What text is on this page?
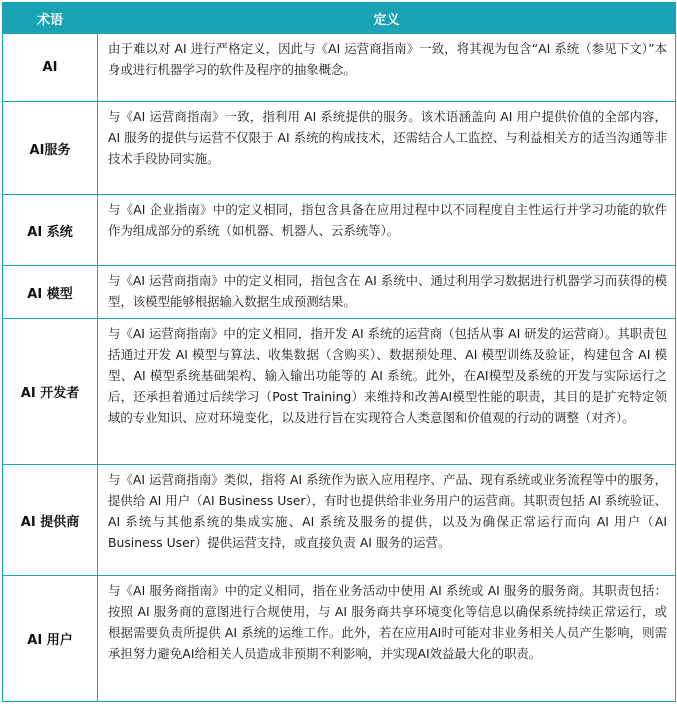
术语	定义
AI	由于难以对 AI 进行严格定义，因此与《AI 运营商指南》一致，将其视为包含“AI 系统（参见下文）”本身或进行机器学习的软件及程序的抽象概念。
AI服务	与《AI 运营商指南》一致，指利用 AI 系统提供的服务。该术语涵盖向 AI 用户提供价值的全部内容，AI 服务的提供与运营不仅限于 AI 系统的构成技术，还需结合人工监控、与利益相关方的适当沟通等非技术手段协同实施。
AI 系统	与《AI 企业指南》中的定义相同，指包含具备在应用过程中以不同程度自主性运行并学习功能的软件作为组成部分的系统（如机器、机器人、云系统等）。
AI 模型	与《AI 运营商指南》中的定义相同，指包含在 AI 系统中、通过利用学习数据进行机器学习而获得的模型，该模型能够根据输入数据生成预测结果。
AI 开发者	与《AI 运营商指南》中的定义相同，指开发 AI 系统的运营商（包括从事 AI 研发的运营商）。其职责包括通过开发 AI 模型与算法、收集数据（含购买）、数据预处理、AI 模型训练及验证，构建包含 AI 模型、AI 模型系统基础架构、输入输出功能等的 AI 系统。此外，在AI模型及系统的开发与实际运行之后，还承担着通过后续学习（Post Training）来维持和改善AI模型性能的职责，其目的是扩充特定领域的专业知识、应对环境变化，以及进行旨在实现符合人类意图和价值观的行动的调整（对齐）。
AI 提供商	与《AI 运营商指南》类似，指将 AI 系统作为嵌入应用程序、产品、现有系统或业务流程等中的服务，提供给 AI 用户（AI Business User），有时也提供给非业务用户的运营商。其职责包括 AI 系统验证、AI 系统与其他系统的集成实施、AI 系统及服务的提供，以及为确保正常运行而向 AI 用户（AI Business User）提供运营支持，或直接负责 AI 服务的运营。
AI 用户	与《AI 服务商指南》中的定义相同，指在业务活动中使用 AI 系统或 AI 服务的服务商。其职责包括：按照 AI 服务商的意图进行合规使用，与 AI 服务商共享环境变化等信息以确保系统持续正常运行，或根据需要负责所提供 AI 系统的运维工作。此外，若在应用AI时可能对非业务相关人员产生影响，则需承担努力避免AI给相关人员造成非预期不利影响，并实现AI效益最大化的职责。
